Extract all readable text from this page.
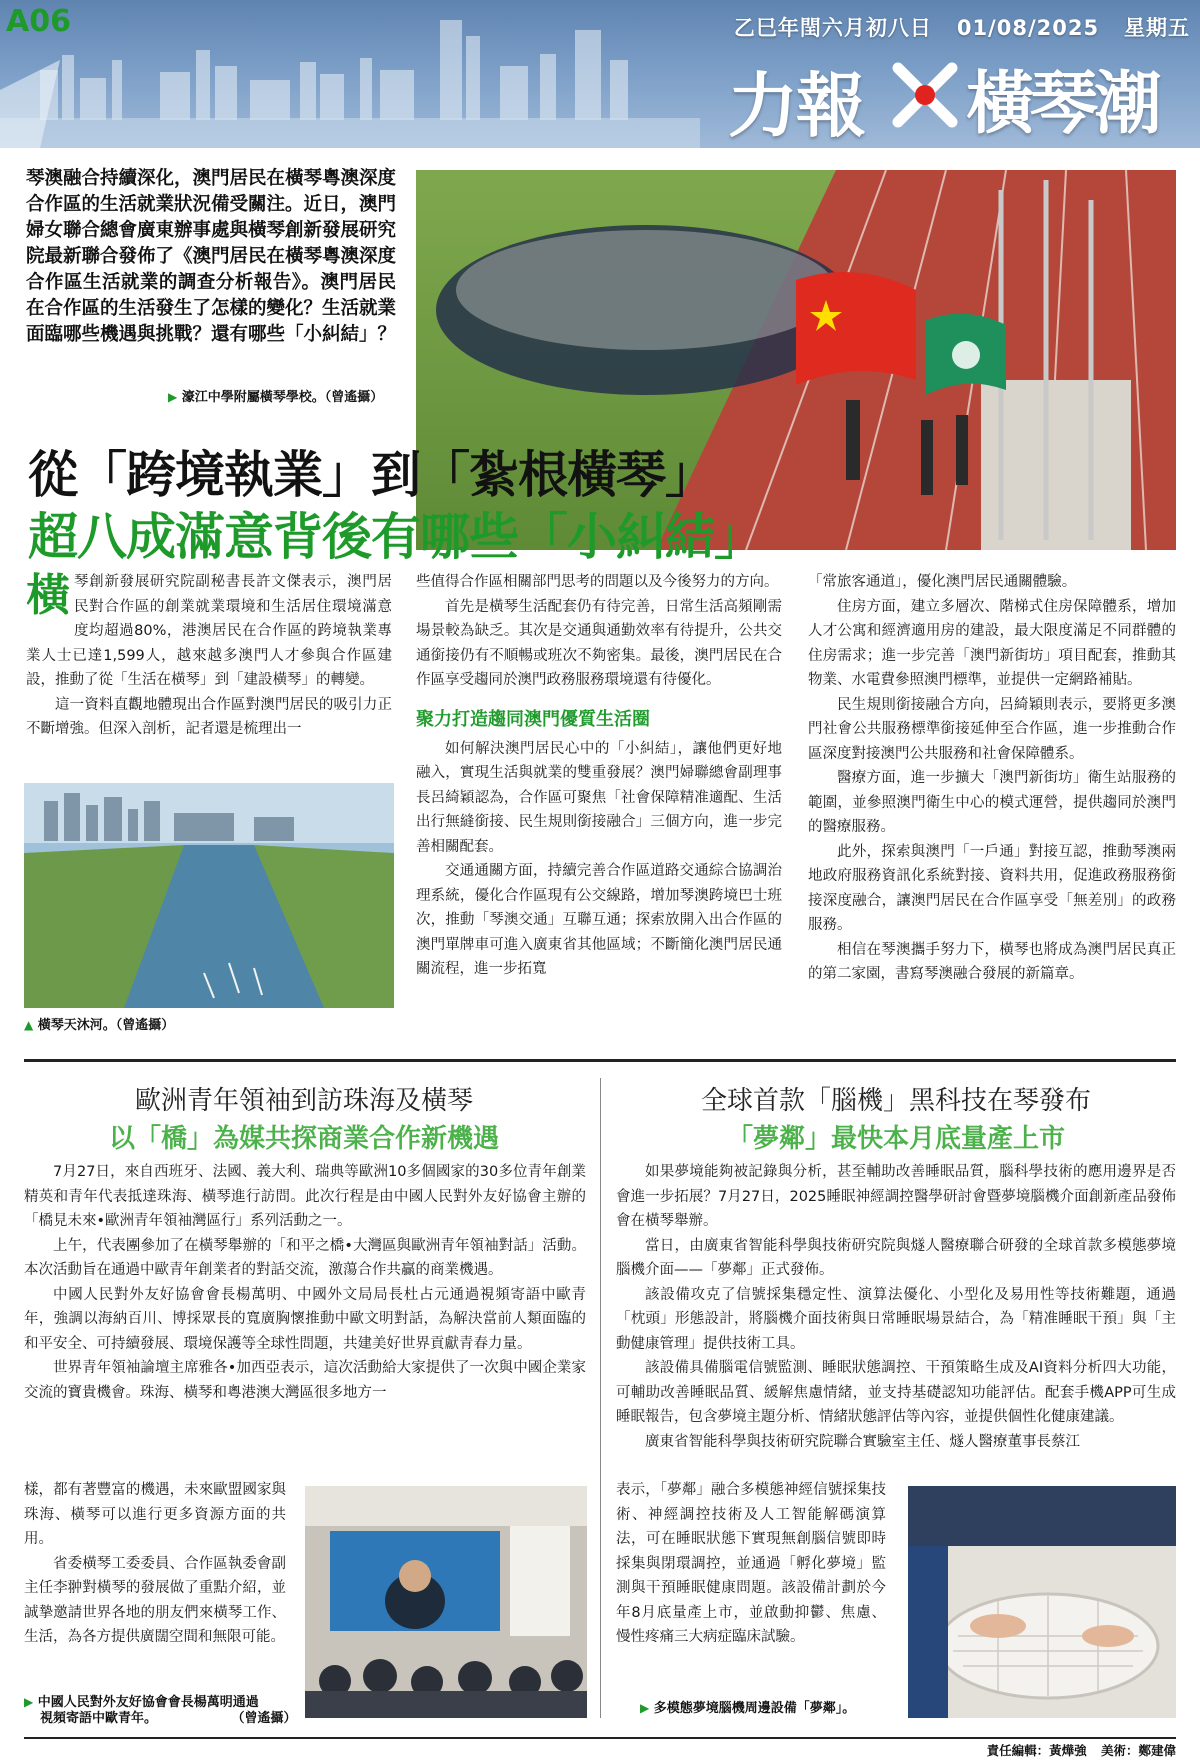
A06	乙巳年閏六月初八日 01/08/2025 星期五
力報 橫琴潮
琴澳融合持續深化，澳門居民在橫琴粵澳深度合作區的生活就業狀況備受關注。近日，澳門婦女聯合總會廣東辦事處與橫琴創新發展研究院最新聯合發佈了《澳門居民在橫琴粵澳深度合作區生活就業的調查分析報告》。澳門居民在合作區的生活發生了怎樣的變化？生活就業面臨哪些機遇與挑戰？還有哪些「小糾結」？
▶ 濠江中學附屬橫琴學校。（曾遙攝）
從「跨境執業」到「紮根橫琴」
超八成滿意背後有哪些「小糾結」

橫琴創新發展研究院副秘書長許文傑表示，澳門居民對合作區的創業就業環境和生活居住環境滿意度均超過80%，港澳居民在合作區的跨境執業專業人士已達1,599人，越來越多澳門人才參與合作區建設，推動了從「生活在橫琴」到「建設橫琴」的轉變。

這一資料直觀地體現出合作區對澳門居民的吸引力正不斷增強。但深入剖析，記者還是梳理出一

▲ 橫琴天沐河。（曾遙攝）

些值得合作區相關部門思考的問題以及今後努力的方向。

首先是橫琴生活配套仍有待完善，日常生活高頻剛需場景較為缺乏。其次是交通與通勤效率有待提升，公共交通銜接仍有不順暢或班次不夠密集。最後，澳門居民在合作區享受趨同於澳門政務服務環境還有待優化。

聚力打造趨同澳門優質生活圈

如何解決澳門居民心中的「小糾結」，讓他們更好地融入，實現生活與就業的雙重發展？澳門婦聯總會副理事長呂綺穎認為，合作區可聚焦「社會保障精准適配、生活出行無縫銜接、民生規則銜接融合」三個方向，進一步完善相關配套。

交通通關方面，持續完善合作區道路交通綜合協調治理系統，優化合作區現有公交線路，增加琴澳跨境巴士班次，推動「琴澳交通」互聯互通；探索放開入出合作區的澳門單牌車可進入廣東省其他區域；不斷簡化澳門居民通關流程，進一步拓寬

「常旅客通道」，優化澳門居民通關體驗。

住房方面，建立多層次、階梯式住房保障體系，增加人才公寓和經濟適用房的建設，最大限度滿足不同群體的住房需求；進一步完善「澳門新街坊」項目配套，推動其物業、水電費參照澳門標準，並提供一定網路補貼。

民生規則銜接融合方向，呂綺穎則表示，要將更多澳門社會公共服務標準銜接延伸至合作區，進一步推動合作區深度對接澳門公共服務和社會保障體系。

醫療方面，進一步擴大「澳門新街坊」衛生站服務的範圍，並參照澳門衛生中心的模式運營，提供趨同於澳門的醫療服務。

此外，探索與澳門「一戶通」對接互認，推動琴澳兩地政府服務資訊化系統對接、資料共用，促進政務服務銜接深度融合，讓澳門居民在合作區享受「無差別」的政務服務。

相信在琴澳攜手努力下，橫琴也將成為澳門居民真正的第二家園，書寫琴澳融合發展的新篇章。

歐洲青年領袖到訪珠海及橫琴
以「橋」為媒共探商業合作新機遇

7月27日，來自西班牙、法國、義大利、瑞典等歐洲10多個國家的30多位青年創業精英和青年代表抵達珠海、橫琴進行訪問。此次行程是由中國人民對外友好協會主辦的「橋見未來•歐洲青年領袖灣區行」系列活動之一。

上午，代表團參加了在橫琴舉辦的「和平之橋•大灣區與歐洲青年領袖對話」活動。本次活動旨在通過中歐青年創業者的對話交流，激蕩合作共贏的商業機遇。

中國人民對外友好協會會長楊萬明、中國外文局局長杜占元通過視頻寄語中歐青年，強調以海納百川、博採眾長的寬廣胸懷推動中歐文明對話，為解決當前人類面臨的和平安全、可持續發展、環境保護等全球性問題，共建美好世界貢獻青春力量。

世界青年領袖論壇主席雅各•加西亞表示，這次活動給大家提供了一次與中國企業家交流的寶貴機會。珠海、橫琴和粵港澳大灣區很多地方一

樣，都有著豐富的機遇，未來歐盟國家與珠海、橫琴可以進行更多資源方面的共用。

省委橫琴工委委員、合作區執委會副主任李翀對橫琴的發展做了重點介紹，並誠摯邀請世界各地的朋友們來橫琴工作、生活，為各方提供廣闊空間和無限可能。

▶ 中國人民對外友好協會會長楊萬明通過
視頻寄語中歐青年。	（曾遙攝）
全球首款「腦機」黑科技在琴發布
「夢鄰」最快本月底量產上市

如果夢境能夠被記錄與分析，甚至輔助改善睡眠品質，腦科學技術的應用邊界是否會進一步拓展？7月27日，2025睡眠神經調控醫學研討會暨夢境腦機介面創新產品發佈會在橫琴舉辦。

當日，由廣東省智能科學與技術研究院與燧人醫療聯合研發的全球首款多模態夢境腦機介面——「夢鄰」正式發佈。

該設備攻克了信號採集穩定性、演算法優化、小型化及易用性等技術難題，通過「枕頭」形態設計，將腦機介面技術與日常睡眠場景結合，為「精准睡眠干預」與「主動健康管理」提供技術工具。

該設備具備腦電信號監測、睡眠狀態調控、干預策略生成及AI資料分析四大功能，可輔助改善睡眠品質、緩解焦慮情緒，並支持基礎認知功能評估。配套手機APP可生成睡眠報告，包含夢境主題分析、情緒狀態評估等內容，並提供個性化健康建議。

廣東省智能科學與技術研究院聯合實驗室主任、燧人醫療董事長蔡江

表示，「夢鄰」融合多模態神經信號採集技術、神經調控技術及人工智能解碼演算法，可在睡眠狀態下實現無創腦信號即時採集與閉環調控，並通過「孵化夢境」監測與干預睡眠健康問題。該設備計劃於今年8月底量產上市，並啟動抑鬱、焦慮、慢性疼痛三大病症臨床試驗。

▶ 多模態夢境腦機周邊設備「夢鄰」。
責任編輯：黃燁強 美術：鄭建偉
